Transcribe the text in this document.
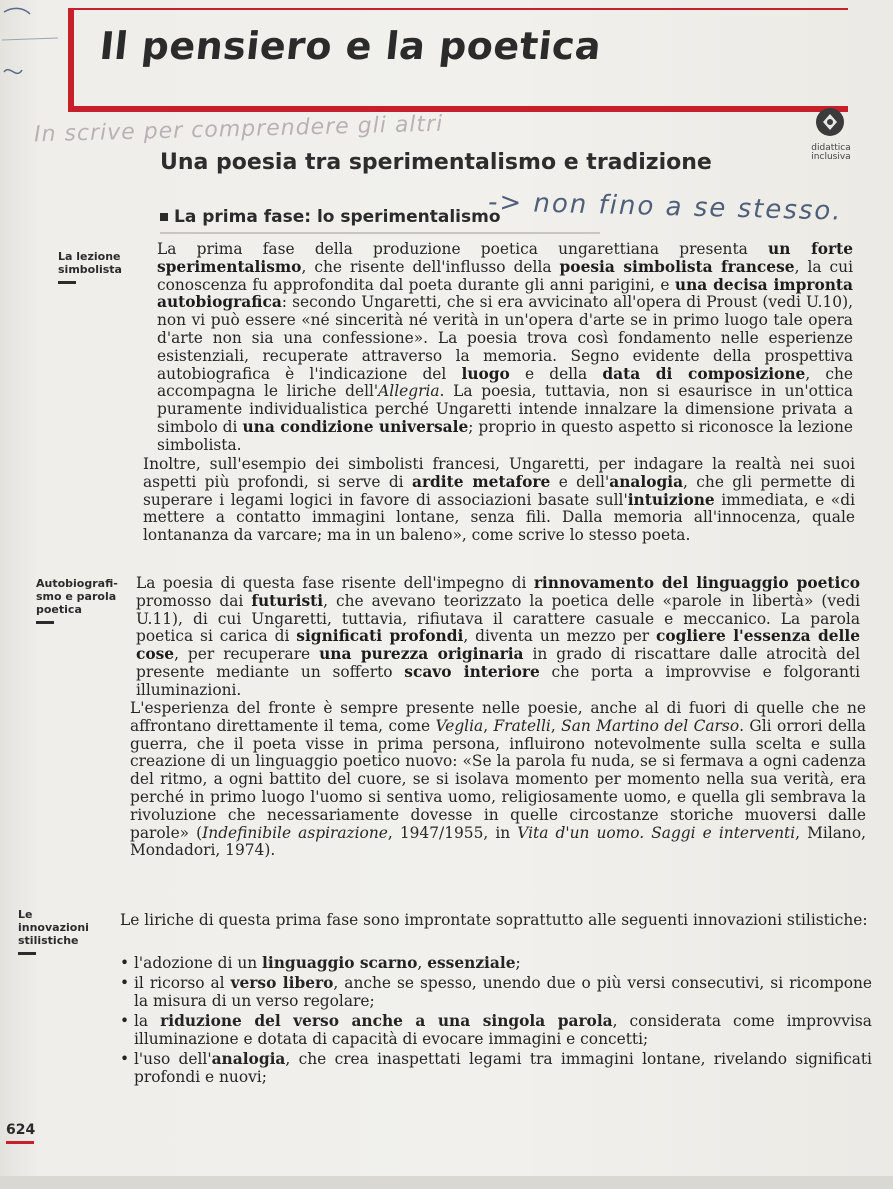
Il pensiero e la poetica
In scrive per comprendere gli altri
didattica
inclusiva
Una poesia tra sperimentalismo e tradizione
La prima fase: lo sperimentalismo
-> non fino a se stesso.
La lezione simbolista
Autobiografi-smo e parola poetica
Le innovazioni stilistiche

La prima fase della produzione poetica ungarettiana presenta un forte sperimentalismo, che risente dell'influsso della poesia simbolista francese, la cui conoscenza fu approfondita dal poeta durante gli anni parigini, e una decisa impronta autobiografica: secondo Ungaretti, che si era avvicinato all'opera di Proust (vedi U.10), non vi può essere «né sincerità né verità in un'opera d'arte se in primo luogo tale opera d'arte non sia una confessione». La poesia trova così fondamento nelle esperienze esistenziali, recuperate attraverso la memoria. Segno evidente della prospettiva autobiografica è l'indicazione del luogo e della data di composizione, che accompagna le liriche dell'Allegria. La poesia, tuttavia, non si esaurisce in un'ottica puramente individualistica perché Ungaretti intende innalzare la dimensione privata a simbolo di una condizione universale; proprio in questo aspetto si riconosce la lezione simbolista.

Inoltre, sull'esempio dei simbolisti francesi, Ungaretti, per indagare la realtà nei suoi aspetti più profondi, si serve di ardite metafore e dell'analogia, che gli permette di superare i legami logici in favore di associazioni basate sull'intuizione immediata, e «di mettere a contatto immagini lontane, senza fili. Dalla memoria all'innocenza, quale lontananza da varcare; ma in un baleno», come scrive lo stesso poeta.

La poesia di questa fase risente dell'impegno di rinnovamento del linguaggio poetico promosso dai futuristi, che avevano teorizzato la poetica delle «parole in libertà» (vedi U.11), di cui Ungaretti, tuttavia, rifiutava il carattere casuale e meccanico. La parola poetica si carica di significati profondi, diventa un mezzo per cogliere l'essenza delle cose, per recuperare una purezza originaria in grado di riscattare dalle atrocità del presente mediante un sofferto scavo interiore che porta a improvvise e folgoranti illuminazioni.

L'esperienza del fronte è sempre presente nelle poesie, anche al di fuori di quelle che ne affrontano direttamente il tema, come Veglia, Fratelli, San Martino del Carso. Gli orrori della guerra, che il poeta visse in prima persona, influirono notevolmente sulla scelta e sulla creazione di un linguaggio poetico nuovo: «Se la parola fu nuda, se si fermava a ogni cadenza del ritmo, a ogni battito del cuore, se si isolava momento per momento nella sua verità, era perché in primo luogo l'uomo si sentiva uomo, religiosamente uomo, e quella gli sembrava la rivoluzione che necessariamente dovesse in quelle circostanze storiche muoversi dalle parole» (Indefinibile aspirazione, 1947/1955, in Vita d'un uomo. Saggi e interventi, Milano, Mondadori, 1974).

Le liriche di questa prima fase sono improntate soprattutto alle seguenti innovazioni stilistiche:

• l'adozione di un linguaggio scarno, essenziale;
• il ricorso al verso libero, anche se spesso, unendo due o più versi consecutivi, si ricompone la misura di un verso regolare;
• la riduzione del verso anche a una singola parola, considerata come improvvisa illuminazione e dotata di capacità di evocare immagini e concetti;
• l'uso dell'analogia, che crea inaspettati legami tra immagini lontane, rivelando significati profondi e nuovi;
624
